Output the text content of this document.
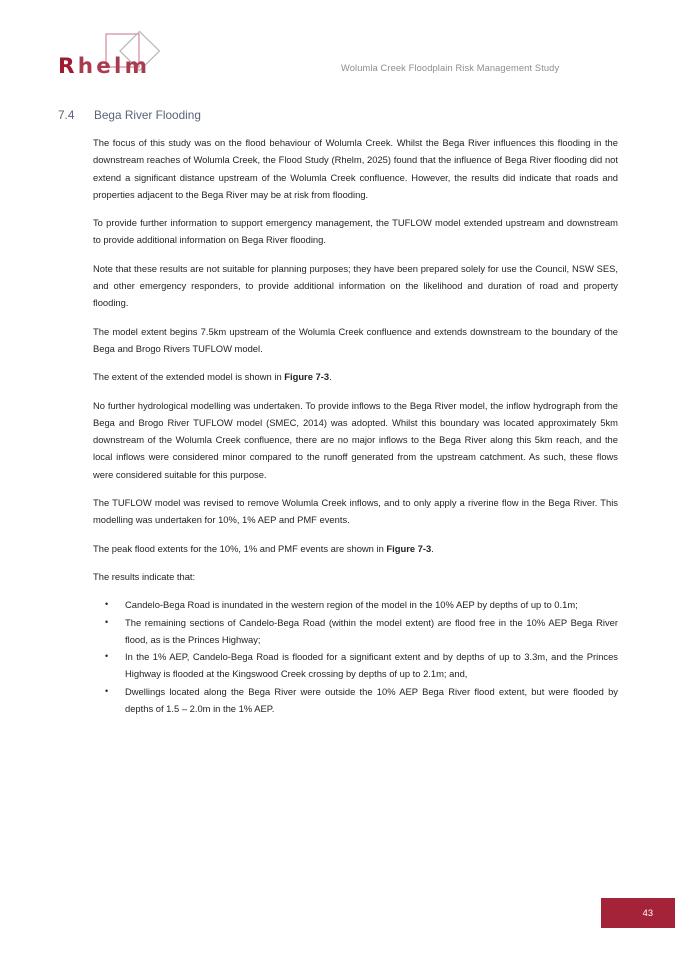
Rhelm	Wolumla Creek Floodplain Risk Management Study
7.4	Bega River Flooding

The focus of this study was on the flood behaviour of Wolumla Creek. Whilst the Bega River influences this flooding in the downstream reaches of Wolumla Creek, the Flood Study (Rhelm, 2025) found that the influence of Bega River flooding did not extend a significant distance upstream of the Wolumla Creek confluence. However, the results did indicate that roads and properties adjacent to the Bega River may be at risk from flooding.

To provide further information to support emergency management, the TUFLOW model extended upstream and downstream to provide additional information on Bega River flooding.

Note that these results are not suitable for planning purposes; they have been prepared solely for use the Council, NSW SES, and other emergency responders, to provide additional information on the likelihood and duration of road and property flooding.

The model extent begins 7.5km upstream of the Wolumla Creek confluence and extends downstream to the boundary of the Bega and Brogo Rivers TUFLOW model.

The extent of the extended model is shown in Figure 7-3.

No further hydrological modelling was undertaken. To provide inflows to the Bega River model, the inflow hydrograph from the Bega and Brogo River TUFLOW model (SMEC, 2014) was adopted. Whilst this boundary was located approximately 5km downstream of the Wolumla Creek confluence, there are no major inflows to the Bega River along this 5km reach, and the local inflows were considered minor compared to the runoff generated from the upstream catchment. As such, these flows were considered suitable for this purpose.

The TUFLOW model was revised to remove Wolumla Creek inflows, and to only apply a riverine flow in the Bega River. This modelling was undertaken for 10%, 1% AEP and PMF events.

The peak flood extents for the 10%, 1% and PMF events are shown in Figure 7-3.

The results indicate that:

• Candelo-Bega Road is inundated in the western region of the model in the 10% AEP by depths of up to 0.1m;
• The remaining sections of Candelo-Bega Road (within the model extent) are flood free in the 10% AEP Bega River flood, as is the Princes Highway;
• In the 1% AEP, Candelo-Bega Road is flooded for a significant extent and by depths of up to 3.3m, and the Princes Highway is flooded at the Kingswood Creek crossing by depths of up to 2.1m; and,
• Dwellings located along the Bega River were outside the 10% AEP Bega River flood extent, but were flooded by depths of 1.5 – 2.0m in the 1% AEP.
43
